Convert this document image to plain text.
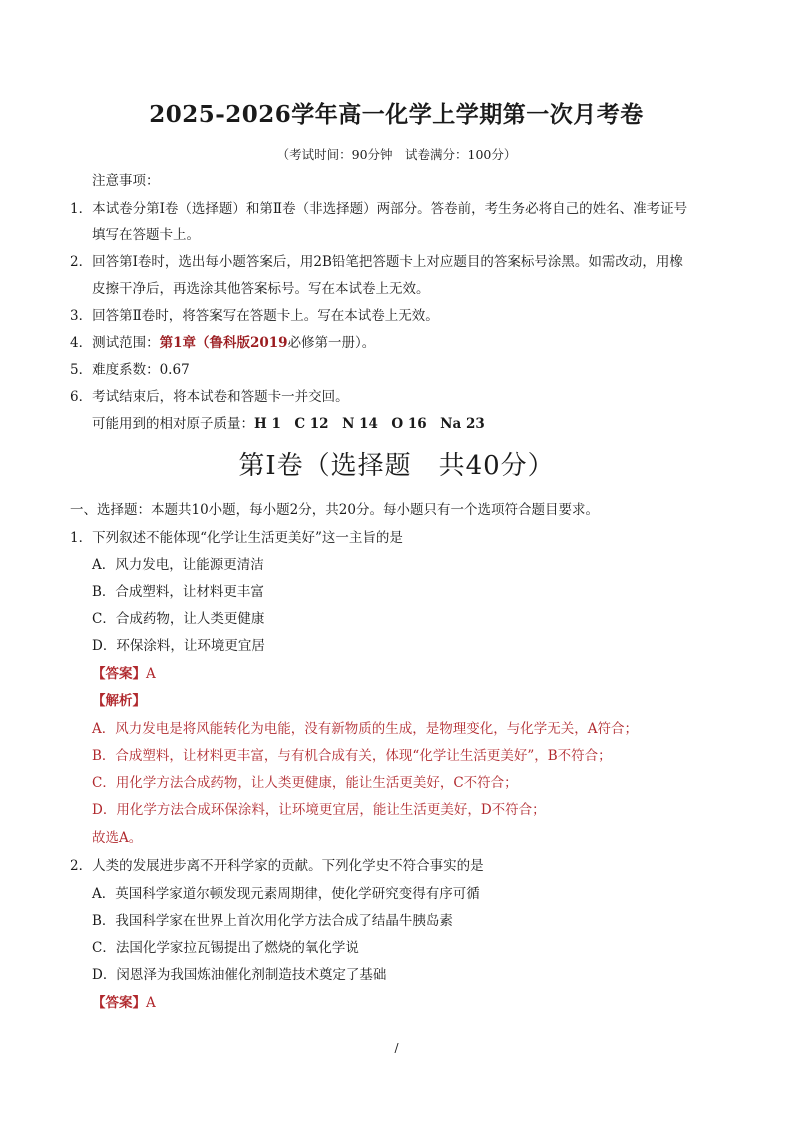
2025-2026学年高一化学上学期第一次月考卷
（考试时间：90分钟　试卷满分：100分）
注意事项：
1．本试卷分第Ⅰ卷（选择题）和第Ⅱ卷（非选择题）两部分。答卷前，考生务必将自己的姓名、准考证号
填写在答题卡上。
2．回答第Ⅰ卷时，选出每小题答案后，用2B铅笔把答题卡上对应题目的答案标号涂黑。如需改动，用橡
皮擦干净后，再选涂其他答案标号。写在本试卷上无效。
3．回答第Ⅱ卷时，将答案写在答题卡上。写在本试卷上无效。
4．测试范围：第1章（鲁科版2019必修第一册）。
5．难度系数：0.67
6．考试结束后，将本试卷和答题卡一并交回。
可能用到的相对原子质量：H 1　C 12　N 14　O 16　Na 23
第Ⅰ卷（选择题　共40分）
一、选择题：本题共10小题，每小题2分，共20分。每小题只有一个选项符合题目要求。
1．下列叙述不能体现“化学让生活更美好”这一主旨的是
A．风力发电，让能源更清洁
B．合成塑料，让材料更丰富
C．合成药物，让人类更健康
D．环保涂料，让环境更宜居
【答案】A
【解析】
A．风力发电是将风能转化为电能，没有新物质的生成，是物理变化，与化学无关，A符合；
B．合成塑料，让材料更丰富，与有机合成有关，体现“化学让生活更美好”，B不符合；
C．用化学方法合成药物，让人类更健康，能让生活更美好，C不符合；
D．用化学方法合成环保涂料，让环境更宜居，能让生活更美好，D不符合；
故选A。
2．人类的发展进步离不开科学家的贡献。下列化学史不符合事实的是
A．英国科学家道尔顿发现元素周期律，使化学研究变得有序可循
B．我国科学家在世界上首次用化学方法合成了结晶牛胰岛素
C．法国化学家拉瓦锡提出了燃烧的氧化学说
D．闵恩泽为我国炼油催化剂制造技术奠定了基础
【答案】A
/
